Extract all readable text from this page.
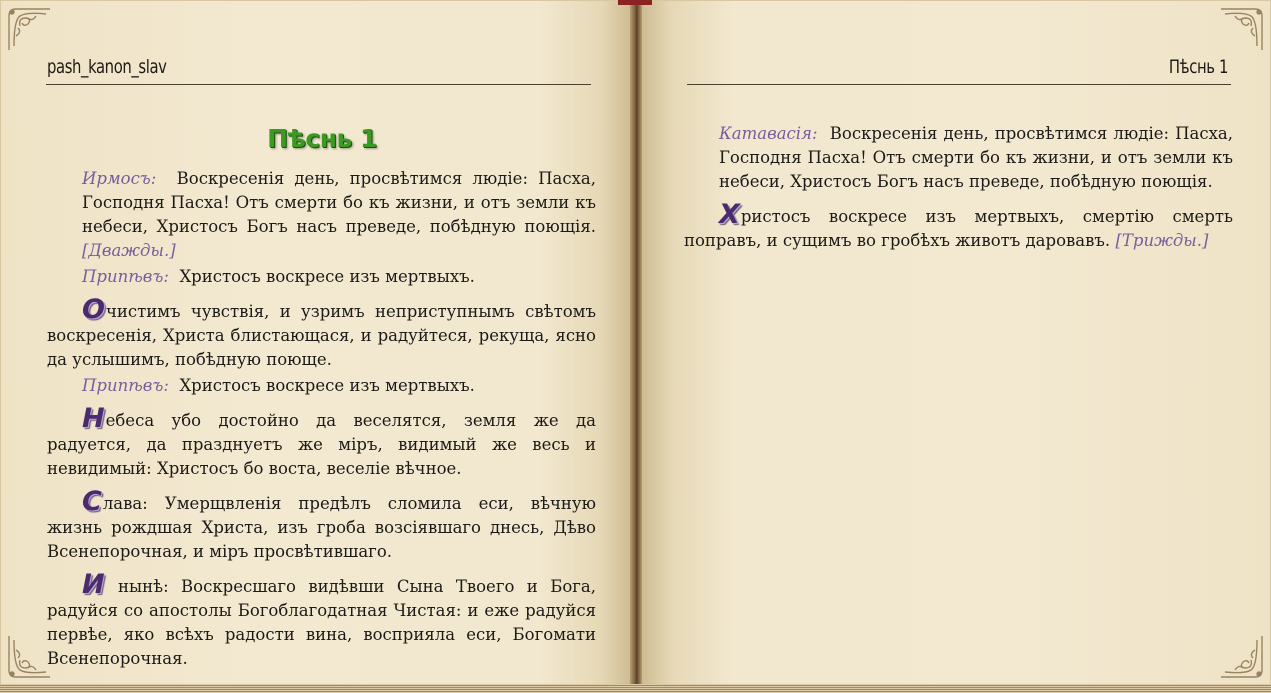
pash_kanon_slav	Пѣснь 1
Пѣснь 1

Ирмосъ: Воскресенія день, просвѣтимся людіе: Пасха, Господня Пасха! Отъ смерти бо къ жизни, и отъ земли къ небеси, Христосъ Богъ насъ преведе, побѣдную поющія. [Дважды.]

Припѣвъ: Христосъ воскресе изъ мертвыхъ.

Очистимъ чувствія, и узримъ неприступнымъ свѣтомъ воскресенія, Христа блистающася, и радуйтеся, рекуща, ясно да услышимъ, побѣдную поюще.

Припѣвъ: Христосъ воскресе изъ мертвыхъ.

Небеса убо достойно да веселятся, земля же да радуется, да празднуетъ же міръ, видимый же весь и невидимый: Христосъ бо воста, веселіе вѣчное.

Слава: Умерщвленія предѣлъ сломила еси, вѣчную жизнь рождшая Христа, изъ гроба возсіявшаго днесь, Дѣво Всенепорочная, и міръ просвѣтившаго.

И нынѣ: Воскресшаго видѣвши Сына Твоего и Бога, радуйся со апостолы Богоблагодатная Чистая: и еже радуйся первѣе, яко всѣхъ радости вина, восприяла еси, Богомати Всенепорочная.

Катавасія: Воскресенія день, просвѣтимся людіе: Пасха, Господня Пасха! Отъ смерти бо къ жизни, и отъ земли къ небеси, Христосъ Богъ насъ преведе, побѣдную поющія.

Христосъ воскресе изъ мертвыхъ, смертію смерть поправъ, и сущимъ во гробѣхъ животъ даровавъ. [Трижды.]
